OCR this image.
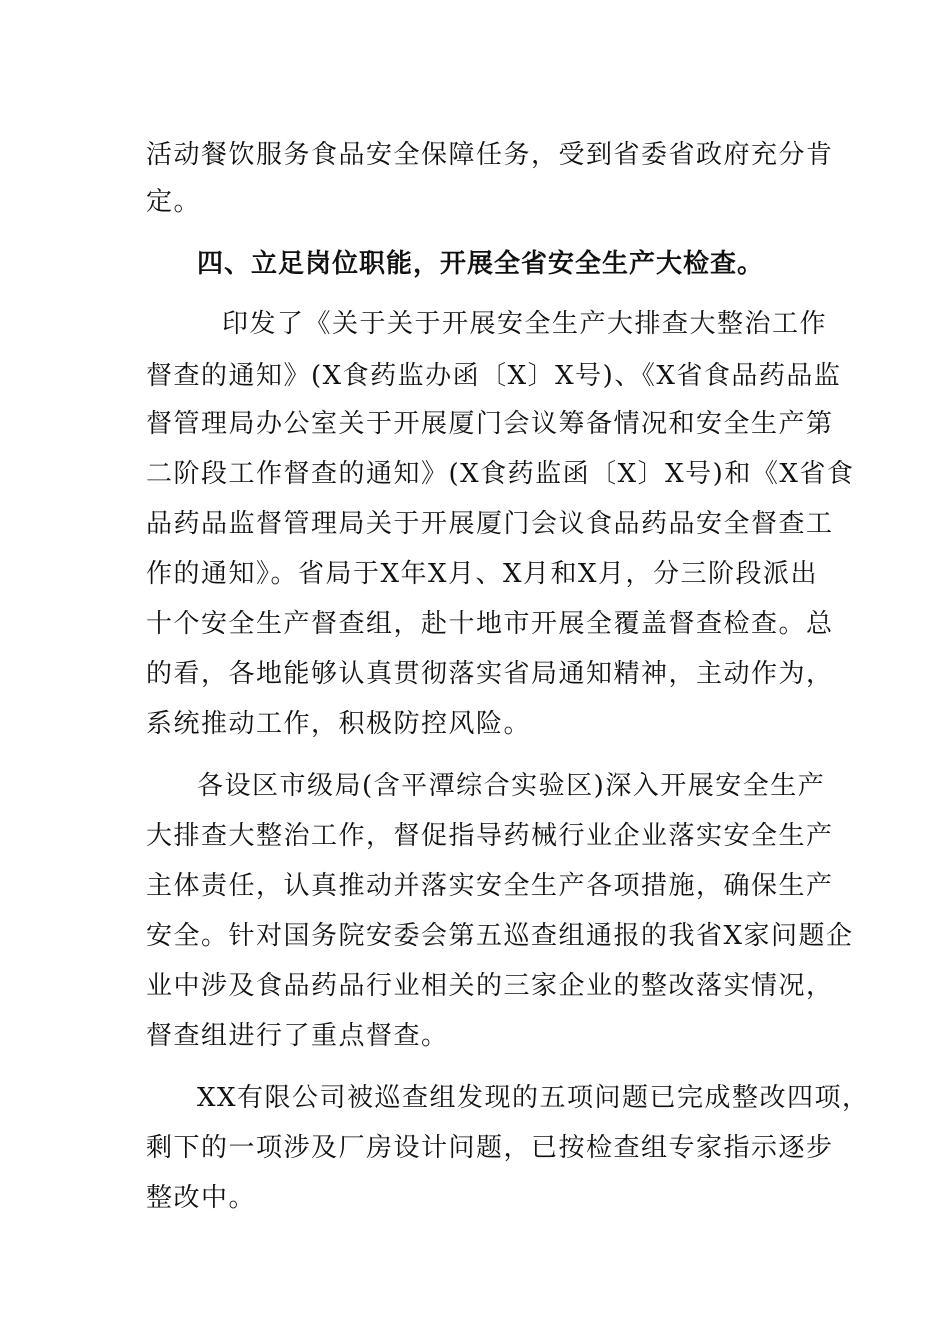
活动餐饮服务食品安全保障任务，受到省委省政府充分肯
定。
四、立足岗位职能，开展全省安全生产大检查。
印发了《关于关于开展安全生产大排查大整治工作
督查的通知》(X食药监办函〔X〕X号)、《X省食品药品监
督管理局办公室关于开展厦门会议筹备情况和安全生产第
二阶段工作督查的通知》(X食药监函〔X〕X号)和《X省食
品药品监督管理局关于开展厦门会议食品药品安全督查工
作的通知》。省局于X年X月、X月和X月，分三阶段派出
十个安全生产督查组，赴十地市开展全覆盖督查检查。总
的看，各地能够认真贯彻落实省局通知精神，主动作为，
系统推动工作，积极防控风险。
各设区市级局(含平潭综合实验区)深入开展安全生产
大排查大整治工作，督促指导药械行业企业落实安全生产
主体责任，认真推动并落实安全生产各项措施，确保生产
安全。针对国务院安委会第五巡查组通报的我省X家问题企
业中涉及食品药品行业相关的三家企业的整改落实情况，
督查组进行了重点督查。
XX有限公司被巡查组发现的五项问题已完成整改四项，
剩下的一项涉及厂房设计问题，已按检查组专家指示逐步
整改中。
